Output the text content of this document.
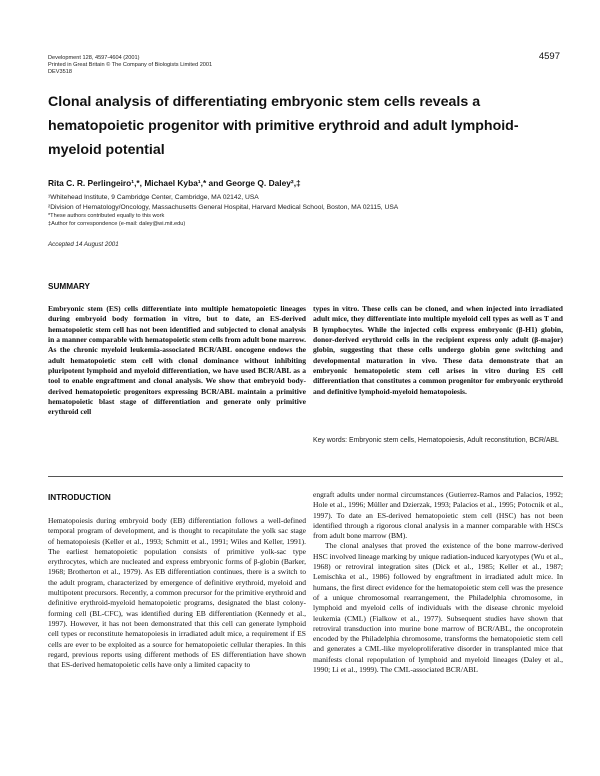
Development 128, 4597-4604 (2001)
Printed in Great Britain © The Company of Biologists Limited 2001
DEV3518
4597
Clonal analysis of differentiating embryonic stem cells reveals a hematopoietic progenitor with primitive erythroid and adult lymphoid-myeloid potential
Rita C. R. Perlingeiro¹,*, Michael Kyba¹,* and George Q. Daley²,‡
¹Whitehead Institute, 9 Cambridge Center, Cambridge, MA 02142, USA
²Division of Hematology/Oncology, Massachusetts General Hospital, Harvard Medical School, Boston, MA 02115, USA
*These authors contributed equally to this work
‡Author for correspondence (e-mail: daley@wi.mit.edu)
Accepted 14 August 2001
SUMMARY
Embryonic stem (ES) cells differentiate into multiple hematopoietic lineages during embryoid body formation in vitro, but to date, an ES-derived hematopoietic stem cell has not been identified and subjected to clonal analysis in a manner comparable with hematopoietic stem cells from adult bone marrow. As the chronic myeloid leukemia-associated BCR/ABL oncogene endows the adult hematopoietic stem cell with clonal dominance without inhibiting pluripotent lymphoid and myeloid differentiation, we have used BCR/ABL as a tool to enable engraftment and clonal analysis. We show that embryoid body-derived hematopoietic progenitors expressing BCR/ABL maintain a primitive hematopoietic blast stage of differentiation and generate only primitive erythroid cell
types in vitro. These cells can be cloned, and when injected into irradiated adult mice, they differentiate into multiple myeloid cell types as well as T and B lymphocytes. While the injected cells express embryonic (β-H1) globin, donor-derived erythroid cells in the recipient express only adult (β-major) globin, suggesting that these cells undergo globin gene switching and developmental maturation in vivo. These data demonstrate that an embryonic hematopoietic stem cell arises in vitro during ES cell differentiation that constitutes a common progenitor for embryonic erythroid and definitive lymphoid-myeloid hematopoiesis.
Key words: Embryonic stem cells, Hematopoiesis, Adult reconstitution, BCR/ABL
INTRODUCTION

Hematopoiesis during embryoid body (EB) differentiation follows a well-defined temporal program of development, and is thought to recapitulate the yolk sac stage of hematopoiesis (Keller et al., 1993; Schmitt et al., 1991; Wiles and Keller, 1991). The earliest hematopoietic population consists of primitive yolk-sac type erythrocytes, which are nucleated and express embryonic forms of β-globin (Barker, 1968; Brotherton et al., 1979). As EB differentiation continues, there is a switch to the adult program, characterized by emergence of definitive erythroid, myeloid and multipotent precursors. Recently, a common precursor for the primitive erythroid and definitive erythroid-myeloid hematopoietic programs, designated the blast colony-forming cell (BL-CFC), was identified during EB differentiation (Kennedy et al., 1997). However, it has not been demonstrated that this cell can generate lymphoid cell types or reconstitute hematopoiesis in irradiated adult mice, a requirement if ES cells are ever to be exploited as a source for hematopoietic cellular therapies. In this regard, previous reports using different methods of ES differentiation have shown that ES-derived hematopoietic cells have only a limited capacity to

engraft adults under normal circumstances (Gutierrez-Ramos and Palacios, 1992; Hole et al., 1996; Müller and Dzierzak, 1993; Palacios et al., 1995; Potocnik et al., 1997). To date an ES-derived hematopoietic stem cell (HSC) has not been identified through a rigorous clonal analysis in a manner comparable with HSCs from adult bone marrow (BM).

The clonal analyses that proved the existence of the bone marrow-derived HSC involved lineage marking by unique radiation-induced karyotypes (Wu et al., 1968) or retroviral integration sites (Dick et al., 1985; Keller et al., 1987; Lemischka et al., 1986) followed by engraftment in irradiated adult mice. In humans, the first direct evidence for the hematopoietic stem cell was the presence of a unique chromosomal rearrangement, the Philadelphia chromosome, in lymphoid and myeloid cells of individuals with the disease chronic myeloid leukemia (CML) (Fialkow et al., 1977). Subsequent studies have shown that retroviral transduction into murine bone marrow of BCR/ABL, the oncoprotein encoded by the Philadelphia chromosome, transforms the hematopoietic stem cell and generates a CML-like myeloproliferative disorder in transplanted mice that manifests clonal repopulation of lymphoid and myeloid lineages (Daley et al., 1990; Li et al., 1999). The CML-associated BCR/ABL
